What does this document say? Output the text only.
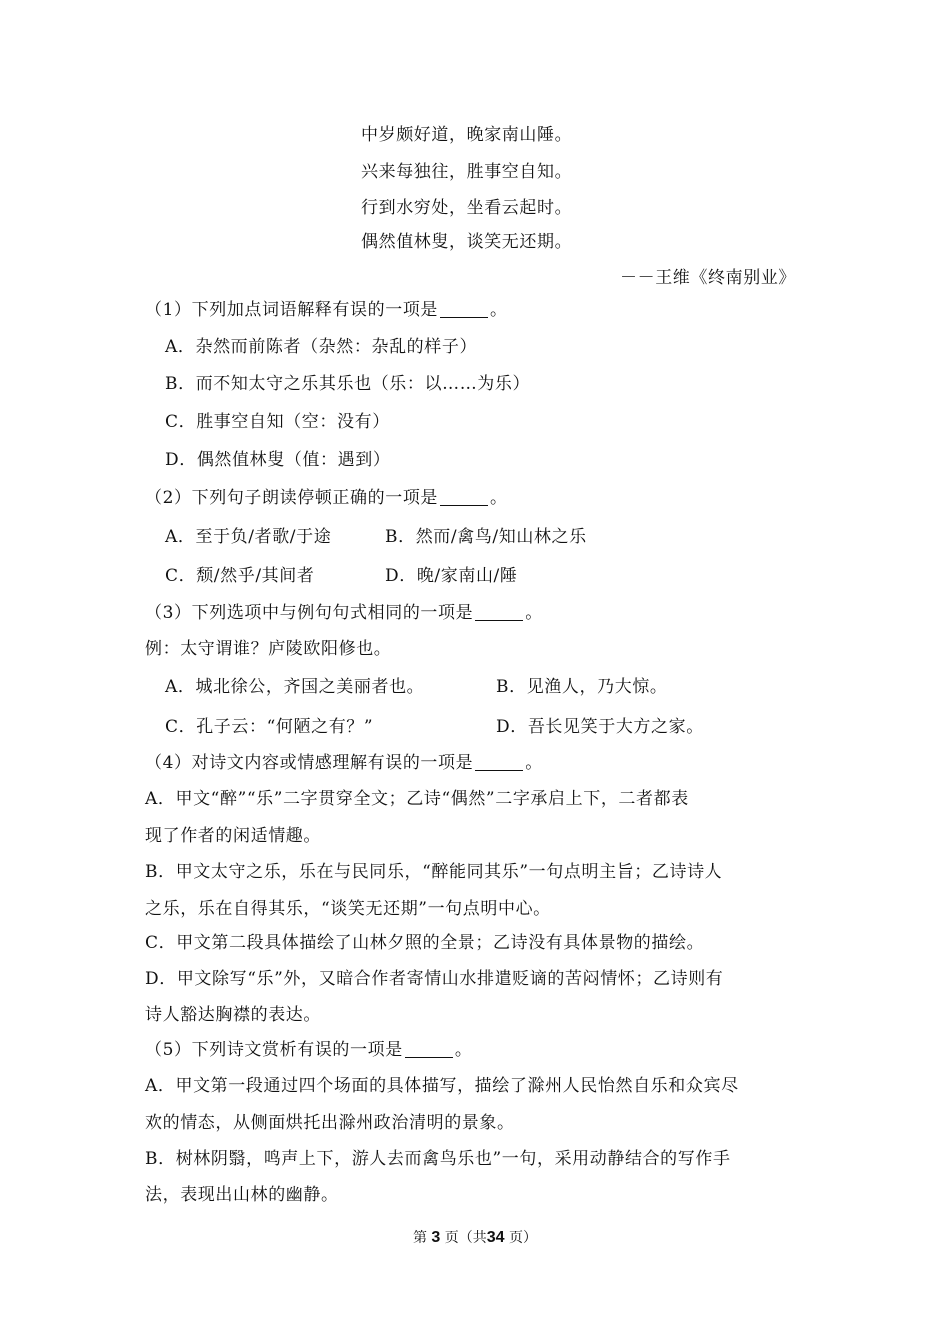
中岁颇好道，晚家南山陲。
兴来每独往，胜事空自知。
行到水穷处，坐看云起时。
偶然值林叟，谈笑无还期。
－－王维《终南别业》
（1）下列加点词语解释有误的一项是	。
A．杂然而前陈者（杂然：杂乱的样子）
B．而不知太守之乐其乐也（乐：以……为乐）
C．胜事空自知（空：没有）
D．偶然值林叟（值：遇到）
（2）下列句子朗读停顿正确的一项是	。
A．至于负/者歌/于途	B．然而/禽鸟/知山林之乐
C．颓/然乎/其间者	D．晚/家南山/陲
（3）下列选项中与例句句式相同的一项是	。
例：太守谓谁？庐陵欧阳修也。
A．城北徐公，齐国之美丽者也。	B．见渔人，乃大惊。
C．孔子云：“何陋之有？”	D．吾长见笑于大方之家。
（4）对诗文内容或情感理解有误的一项是	。
A．甲文“醉”“乐”二字贯穿全文；乙诗“偶然”二字承启上下，二者都表
现了作者的闲适情趣。
B．甲文太守之乐，乐在与民同乐，“醉能同其乐”一句点明主旨；乙诗诗人
之乐，乐在自得其乐，“谈笑无还期”一句点明中心。
C．甲文第二段具体描绘了山林夕照的全景；乙诗没有具体景物的描绘。
D．甲文除写“乐”外，又暗合作者寄情山水排遣贬谪的苦闷情怀；乙诗则有
诗人豁达胸襟的表达。
（5）下列诗文赏析有误的一项是	。
A．甲文第一段通过四个场面的具体描写，描绘了滁州人民怡然自乐和众宾尽
欢的情态，从侧面烘托出滁州政治清明的景象。
B．树林阴翳，鸣声上下，游人去而禽鸟乐也”一句，采用动静结合的写作手
法，表现出山林的幽静。
第 3 页（共34 页）
